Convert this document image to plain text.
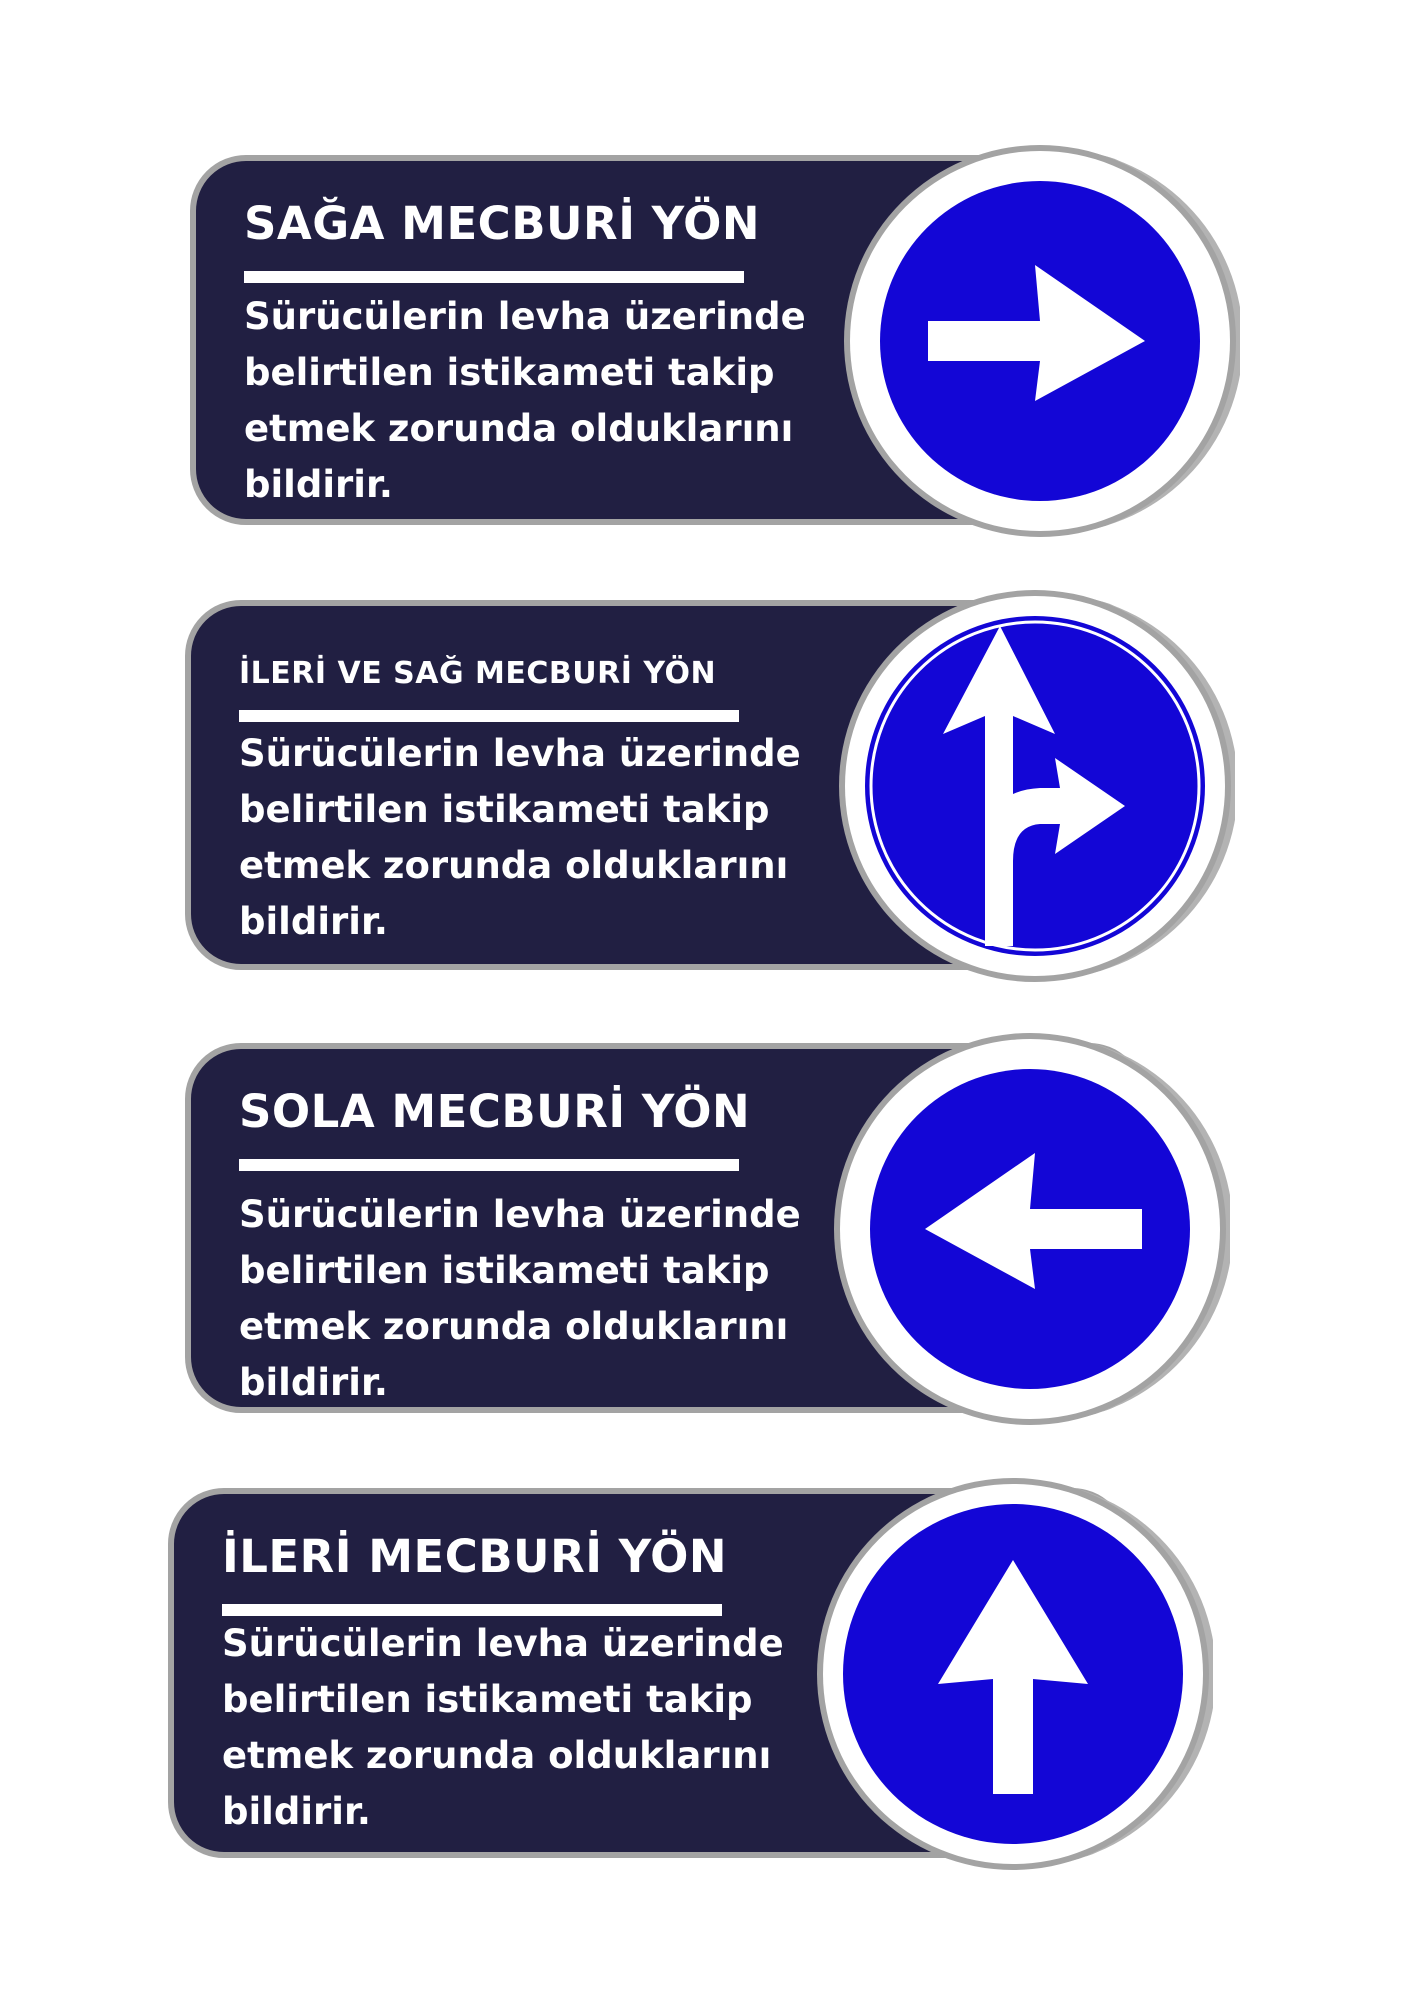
SAĞA MECBURİ YÖN
Sürücülerin levha üzerinde belirtilen istikameti takip etmek zorunda olduklarını bildirir.
İLERİ VE SAĞ MECBURİ YÖN
Sürücülerin levha üzerinde belirtilen istikameti takip etmek zorunda olduklarını bildirir.
SOLA MECBURİ YÖN
Sürücülerin levha üzerinde belirtilen istikameti takip etmek zorunda olduklarını bildirir.
İLERİ MECBURİ YÖN
Sürücülerin levha üzerinde belirtilen istikameti takip etmek zorunda olduklarını bildirir.
